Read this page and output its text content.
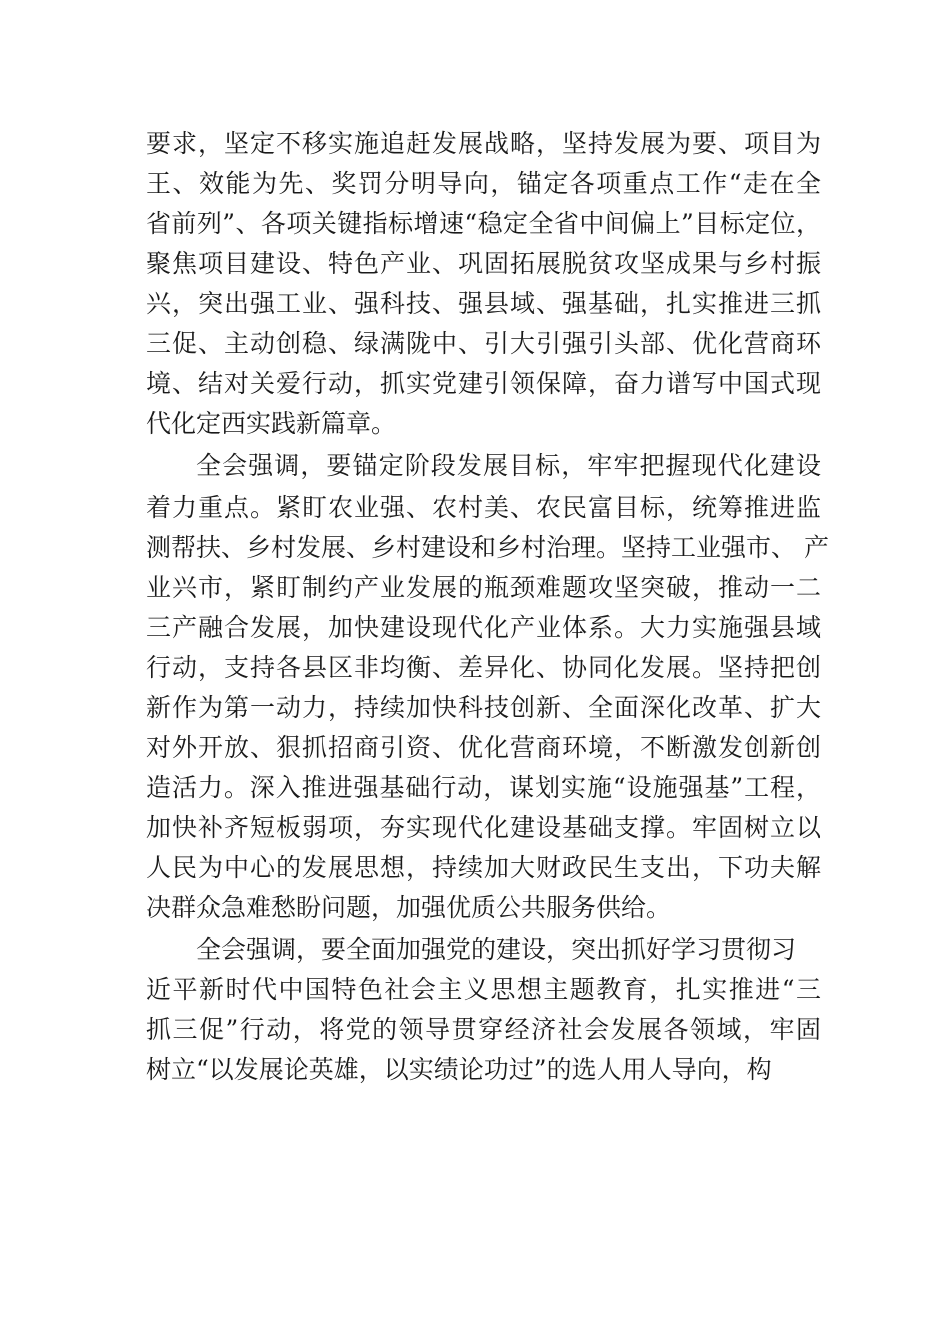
要求，坚定不移实施追赶发展战略，坚持发展为要、项目为
王、效能为先、奖罚分明导向，锚定各项重点工作“走在全
省前列”、各项关键指标增速“稳定全省中间偏上”目标定位，
聚焦项目建设、特色产业、巩固拓展脱贫攻坚成果与乡村振
兴，突出强工业、强科技、强县域、强基础，扎实推进三抓
三促、主动创稳、绿满陇中、引大引强引头部、优化营商环
境、结对关爱行动，抓实党建引领保障，奋力谱写中国式现
代化定西实践新篇章。
全会强调，要锚定阶段发展目标，牢牢把握现代化建设
着力重点。紧盯农业强、农村美、农民富目标，统筹推进监
测帮扶、乡村发展、乡村建设和乡村治理。坚持工业强市、 产
业兴市，紧盯制约产业发展的瓶颈难题攻坚突破，推动一二
三产融合发展，加快建设现代化产业体系。大力实施强县域
行动，支持各县区非均衡、差异化、协同化发展。坚持把创
新作为第一动力，持续加快科技创新、全面深化改革、扩大
对外开放、狠抓招商引资、优化营商环境，不断激发创新创
造活力。深入推进强基础行动，谋划实施“设施强基”工程，
加快补齐短板弱项，夯实现代化建设基础支撑。牢固树立以
人民为中心的发展思想，持续加大财政民生支出，下功夫解
决群众急难愁盼问题，加强优质公共服务供给。
全会强调，要全面加强党的建设，突出抓好学习贯彻习
近平新时代中国特色社会主义思想主题教育，扎实推进“三
抓三促”行动，将党的领导贯穿经济社会发展各领域，牢固
树立“以发展论英雄，以实绩论功过”的选人用人导向，构
